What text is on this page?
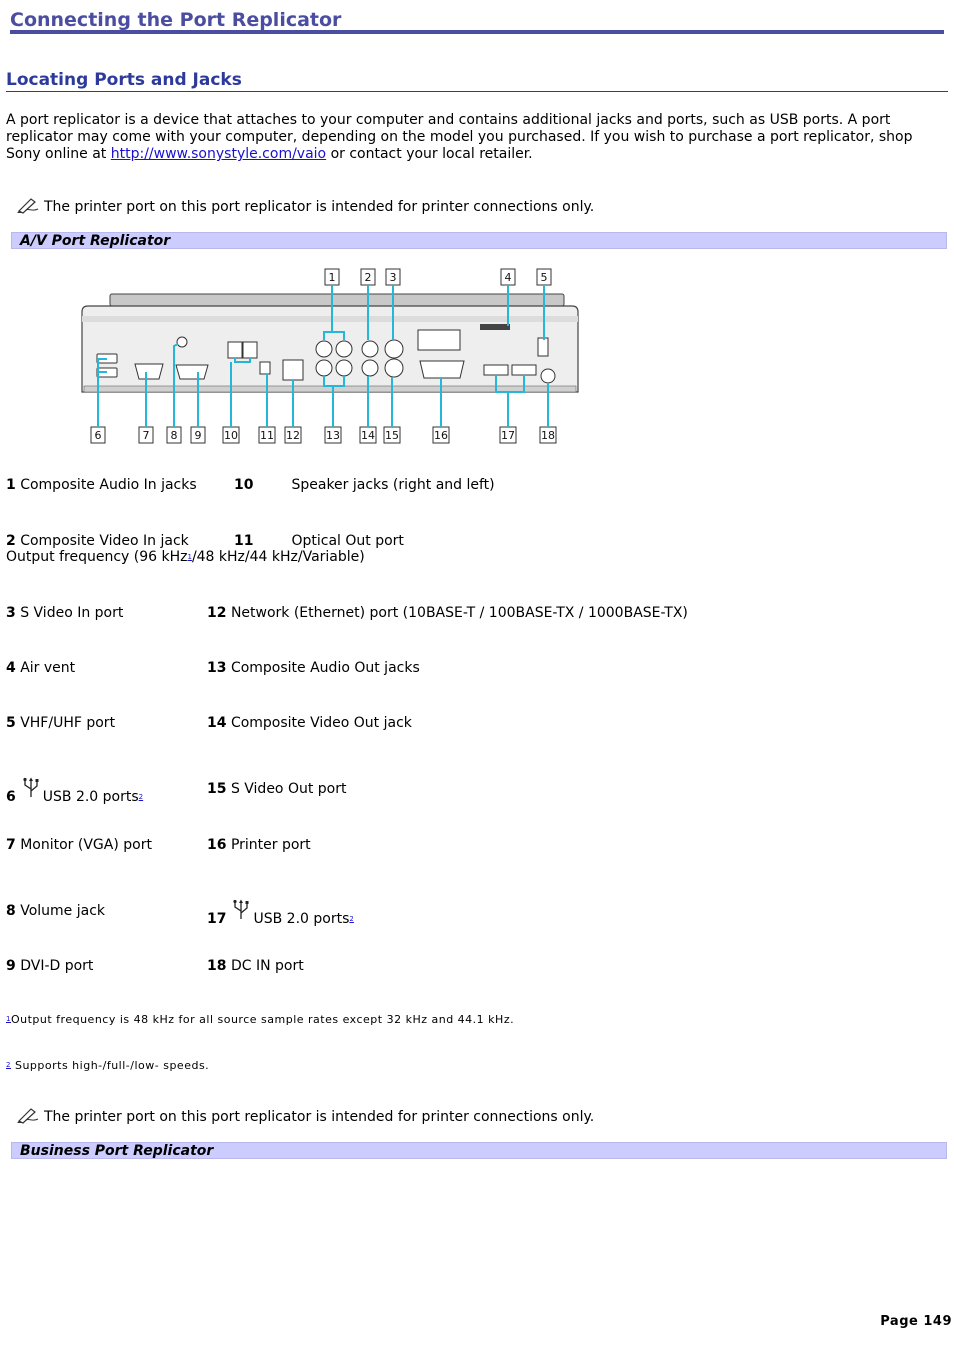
Connecting the Port Replicator
Locating Ports and Jacks
A port replicator is a device that attaches to your computer and contains additional jacks and ports, such as USB ports. A port replicator may come with your computer, depending on the model you purchased. If you wish to purchase a port replicator, shop Sony online at http://www.sonystyle.com/vaio or contact your local retailer.
The printer port on this port replicator is intended for printer connections only.
A/V Port Replicator
1	2 3	4	5
6	7 8 9 10 11 12 13 14 15	16	17 18
1 Composite Audio In jacks	10	Speaker jacks (right and left)
2 Composite Video In jack	11	Optical Out port
Output frequency (96 kHz$^1$/48 kHz/44 kHz/Variable)
3 S Video In port	12 Network (Ethernet) port (10BASE-T / 100BASE-TX / 1000BASE-TX)
4 Air vent	13 Composite Audio Out jacks
5 VHF/UHF port	14 Composite Video Out jack
6 USB 2.0 ports$^2$	15 S Video Out port
7 Monitor (VGA) port	16 Printer port
8 Volume jack	17 USB 2.0 ports$^2$
9 DVI-D port	18 DC IN port
$^1$Output frequency is 48 kHz for all source sample rates except 32 kHz and 44.1 kHz.
$^2$ Supports high-/full-/low- speeds.
The printer port on this port replicator is intended for printer connections only.
Business Port Replicator
Page 149
